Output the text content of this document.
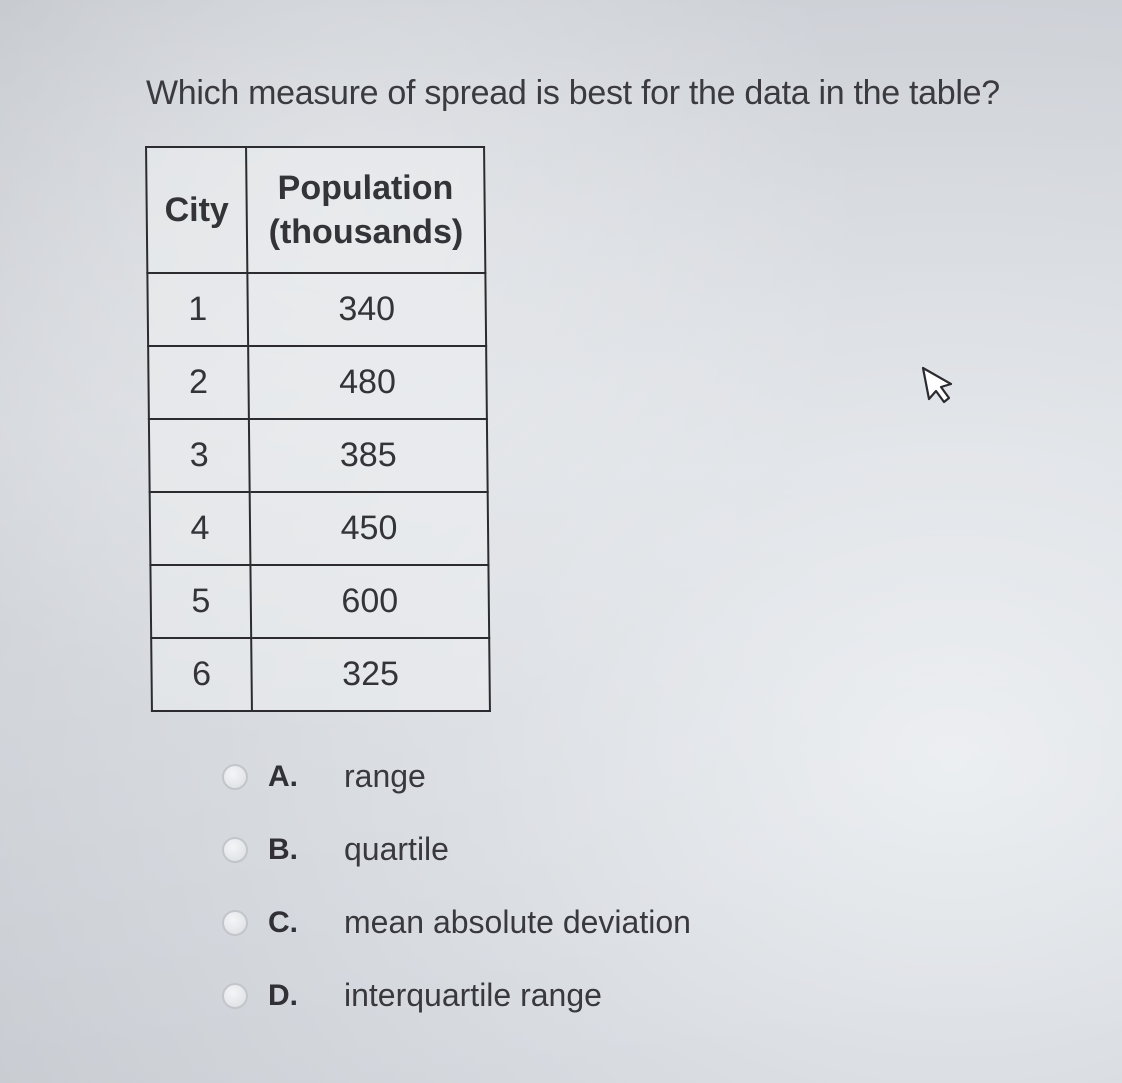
Which measure of spread is best for the data in the table?
City	Population
(thousands)
1	340
2	480
3	385
4	450
5	600
6	325
A.	range
B.	quartile
C.	mean absolute deviation
D.	interquartile range
